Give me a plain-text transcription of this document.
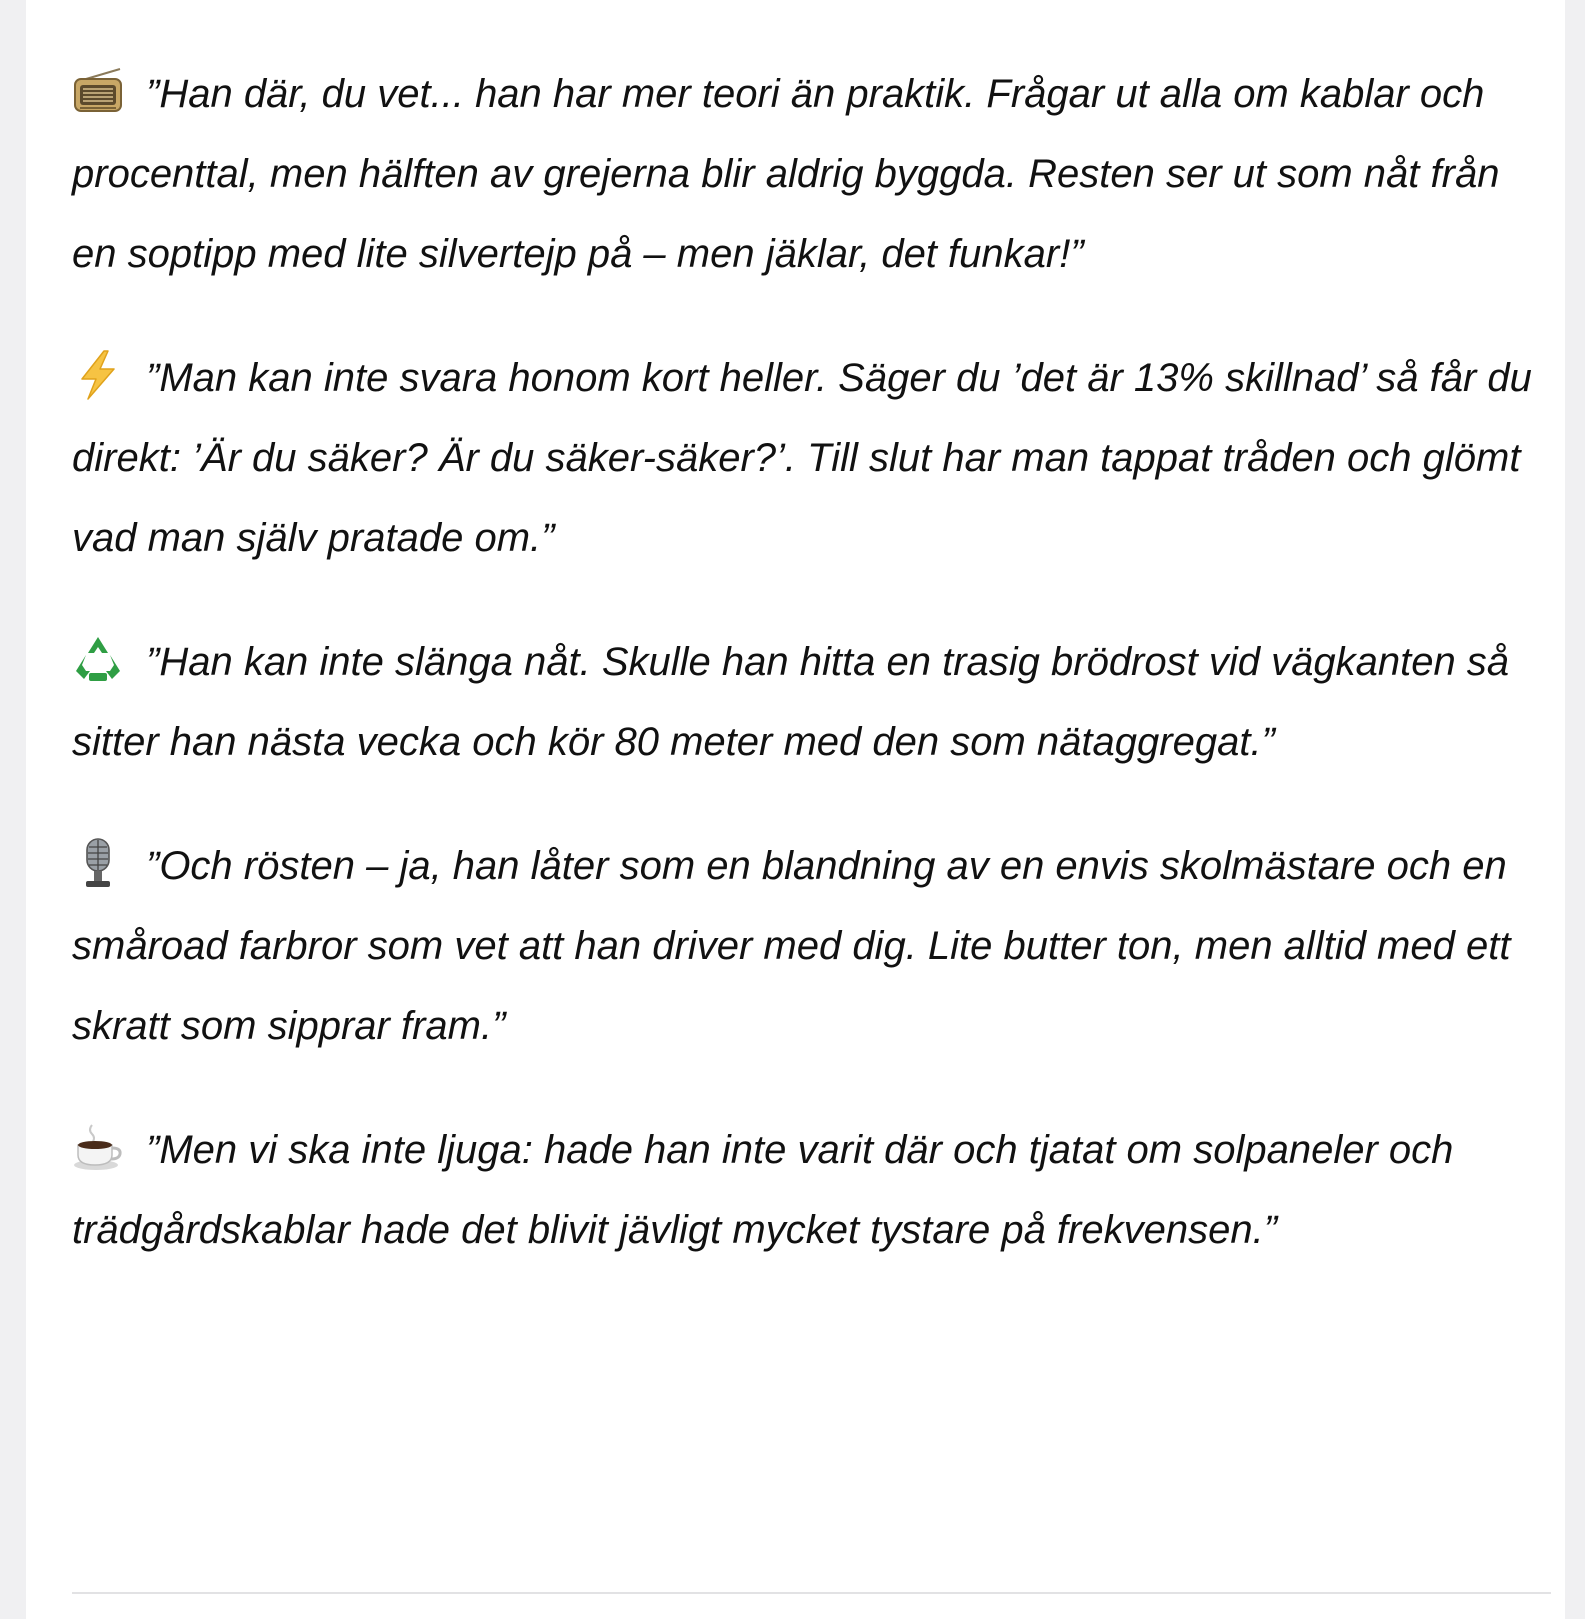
”Han där, du vet... han har mer teori än praktik. Frågar ut alla om kablar och procenttal, men hälften av grejerna blir aldrig byggda. Resten ser ut som nåt från en soptipp med lite silvertejp på – men jäklar, det funkar!”

”Man kan inte svara honom kort heller. Säger du ’det är 13% skillnad’ så får du direkt: ’Är du säker? Är du säker-säker?’. Till slut har man tappat tråden och glömt vad man själv pratade om.”

”Han kan inte slänga nåt. Skulle han hitta en trasig brödrost vid vägkanten så sitter han nästa vecka och kör 80 meter med den som nätaggregat.”

”Och rösten – ja, han låter som en blandning av en envis skolmästare och en småroad farbror som vet att han driver med dig. Lite butter ton, men alltid med ett skratt som sipprar fram.”

”Men vi ska inte ljuga: hade han inte varit där och tjatat om solpaneler och trädgårdskablar hade det blivit jävligt mycket tystare på frekvensen.”
